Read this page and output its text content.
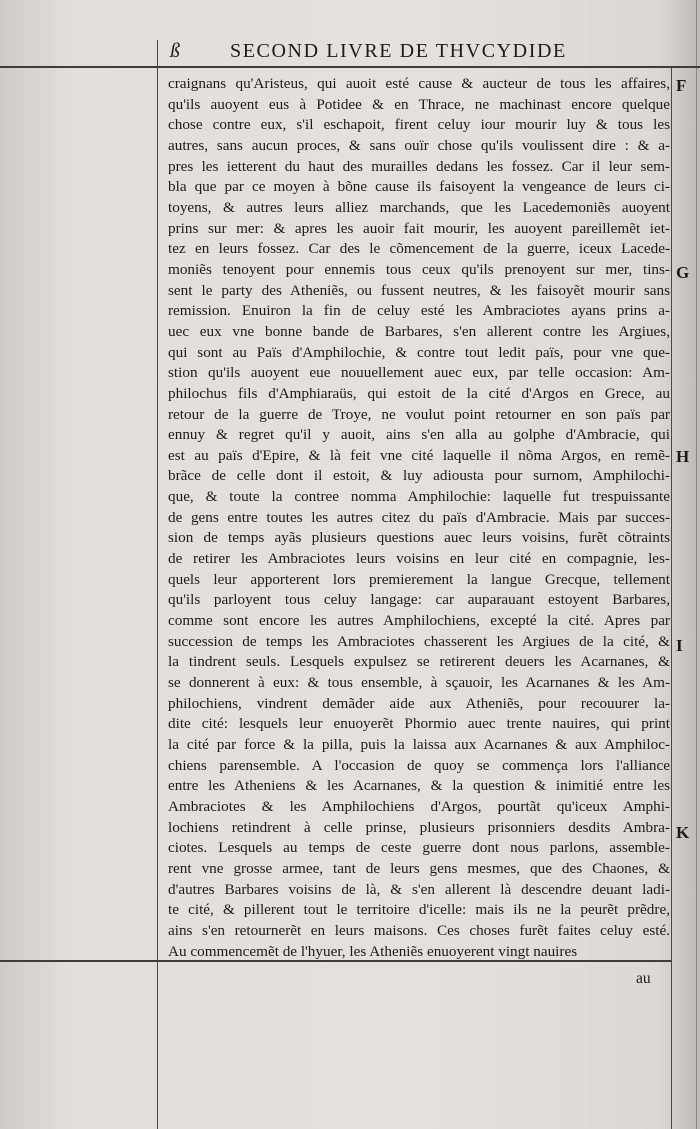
ß	SECOND LIVRE DE THVCYDIDE
craignans qu'Aristeus, qui auoit esté cause & aucteur de tous les affaires,
qu'ils auoyent eus à Potidee & en Thrace, ne machinast encore quelque
chose contre eux, s'il eschapoit, firent celuy iour mourir luy & tous les
autres, sans aucun proces, & sans ouïr chose qu'ils voulissent dire : & a-
pres les ietterent du haut des murailles dedans les fossez. Car il leur sem-
bla que par ce moyen à bõne cause ils faisoyent la vengeance de leurs ci-
toyens, & autres leurs alliez marchands, que les Lacedemoniẽs auoyent
prins sur mer: & apres les auoir fait mourir, les auoyent pareillemẽt iet-
tez en leurs fossez. Car des le cõmencement de la guerre, iceux Lacede-
moniẽs tenoyent pour ennemis tous ceux qu'ils prenoyent sur mer, tins-
sent le party des Atheniẽs, ou fussent neutres, & les faisoyẽt mourir sans
remission. Enuiron la fin de celuy esté les Ambraciotes ayans prins a-
uec eux vne bonne bande de Barbares, s'en allerent contre les Argiues,
qui sont au Païs d'Amphilochie, & contre tout ledit païs, pour vne que-
stion qu'ils auoyent eue nouuellement auec eux, par telle occasion: Am-
philochus fils d'Amphiaraüs, qui estoit de la cité d'Argos en Grece, au
retour de la guerre de Troye, ne voulut point retourner en son païs par
ennuy & regret qu'il y auoit, ains s'en alla au golphe d'Ambracie, qui
est au païs d'Epire, & là feit vne cité laquelle il nõma Argos, en remẽ-
brãce de celle dont il estoit, & luy adiousta pour surnom, Amphilochi-
que, & toute la contree nomma Amphilochie: laquelle fut trespuissante
de gens entre toutes les autres citez du païs d'Ambracie. Mais par succes-
sion de temps ayãs plusieurs questions auec leurs voisins, furẽt cõtraints
de retirer les Ambraciotes leurs voisins en leur cité en compagnie, les-
quels leur apporterent lors premierement la langue Grecque, tellement
qu'ils parloyent tous celuy langage: car auparauant estoyent Barbares,
comme sont encore les autres Amphilochiens, excepté la cité. Apres par
succession de temps les Ambraciotes chasserent les Argiues de la cité, &
la tindrent seuls. Lesquels expulsez se retirerent deuers les Acarnanes, &
se donnerent à eux: & tous ensemble, à sçauoir, les Acarnanes & les Am-
philochiens, vindrent demãder aide aux Atheniẽs, pour recouurer la-
dite cité: lesquels leur enuoyerẽt Phormio auec trente nauires, qui print
la cité par force & la pilla, puis la laissa aux Acarnanes & aux Amphiloc-
chiens parensemble. A l'occasion de quoy se commença lors l'alliance
entre les Atheniens & les Acarnanes, & la question & inimitié entre les
Ambraciotes & les Amphilochiens d'Argos, pourtãt qu'iceux Amphi-
lochiens retindrent à celle prinse, plusieurs prisonniers desdits Ambra-
ciotes. Lesquels au temps de ceste guerre dont nous parlons, assemble-
rent vne grosse armee, tant de leurs gens mesmes, que des Chaones, &
d'autres Barbares voisins de là, & s'en allerent là descendre deuant ladi-
te cité, & pillerent tout le territoire d'icelle: mais ils ne la peurẽt prẽdre,
ains s'en retournerẽt en leurs maisons. Ces choses furẽt faites celuy esté.
Au commencemẽt de l'hyuer, les Atheniẽs enuoyerent vingt nauires
F
G
H
I
K
au
